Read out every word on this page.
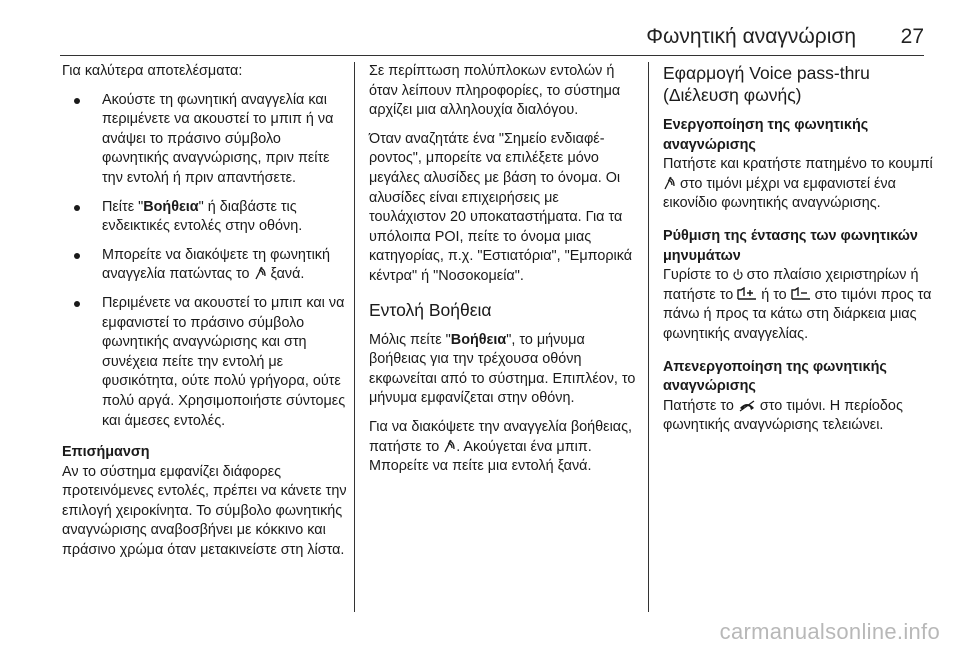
Φωνητική αναγνώριση 27

Για καλύτερα αποτελέσματα:

Ακούστε τη φωνητική αναγγελία και περιμένετε να ακουστεί το μπιπ ή να ανάψει το πράσινο σύμβολο φωνητικής αναγνώρισης, πριν πείτε την εντολή ή πριν απαντήσετε.
Πείτε "Βοήθεια" ή διαβάστε τις ενδεικτικές εντολές στην οθόνη.
Μπορείτε να διακόψετε τη φωνητική αναγγελία πατώντας το  ξανά.
Περιμένετε να ακουστεί το μπιπ και να εμφανιστεί το πράσινο σύμβολο φωνητικής αναγνώρισης και στη συνέχεια πείτε την εντολή με φυσικότητα, ούτε πολύ γρήγορα, ούτε πολύ αργά. Χρησιμοποιήστε σύντομες και άμεσες εντολές.
Επισήμανση
Αν το σύστημα εμφανίζει διάφορες προτεινόμενες εντολές, πρέπει να κάνετε την επιλογή χειροκίνητα. Το σύμβολο φωνητικής αναγνώρισης αναβοσβήνει με κόκκινο και πράσινο χρώμα όταν μετακινείστε στη λίστα.

Σε περίπτωση πολύπλοκων εντολών ή όταν λείπουν πληροφορίες, το σύστημα αρχίζει μια αλληλουχία διαλόγου.

Όταν αναζητάτε ένα "Σημείο ενδιαφέροντος", μπορείτε να επιλέξετε μόνο μεγάλες αλυσίδες με βάση το όνομα. Οι αλυσίδες είναι επιχειρήσεις με τουλάχιστον 20 υποκαταστήματα. Για τα υπόλοιπα POI, πείτε το όνομα μιας κατηγορίας, π.χ. "Εστιατόρια", "Εμπορικά κέντρα" ή "Νοσοκομεία".

Εντολή Βοήθεια

Μόλις πείτε "Βοήθεια", το μήνυμα βοήθειας για την τρέχουσα οθόνη εκφωνείται από το σύστημα. Επιπλέον, το μήνυμα εμφανίζεται στην οθόνη.

Για να διακόψετε την αναγγελία βοήθειας, πατήστε το . Ακούγεται ένα μπιπ. Μπορείτε να πείτε μια εντολή ξανά.

Εφαρμογή Voice pass-thru (Διέλευση φωνής)
Ενεργοποίηση της φωνητικής αναγνώρισης
Πατήστε και κρατήστε πατημένο το κουμπί  στο τιμόνι μέχρι να εμφανιστεί ένα εικονίδιο φωνητικής αναγνώρισης.
Ρύθμιση της έντασης των φωνητικών μηνυμάτων
Γυρίστε το  στο πλαίσιο χειριστηρίων ή πατήστε το  ή το  στο τιμόνι προς τα πάνω ή προς τα κάτω στη διάρκεια μιας φωνητικής αναγγελίας.
Απενεργοποίηση της φωνητικής αναγνώρισης
Πατήστε το  στο τιμόνι. Η περίοδος φωνητικής αναγνώρισης τελειώνει.
carmanualsonline.info
